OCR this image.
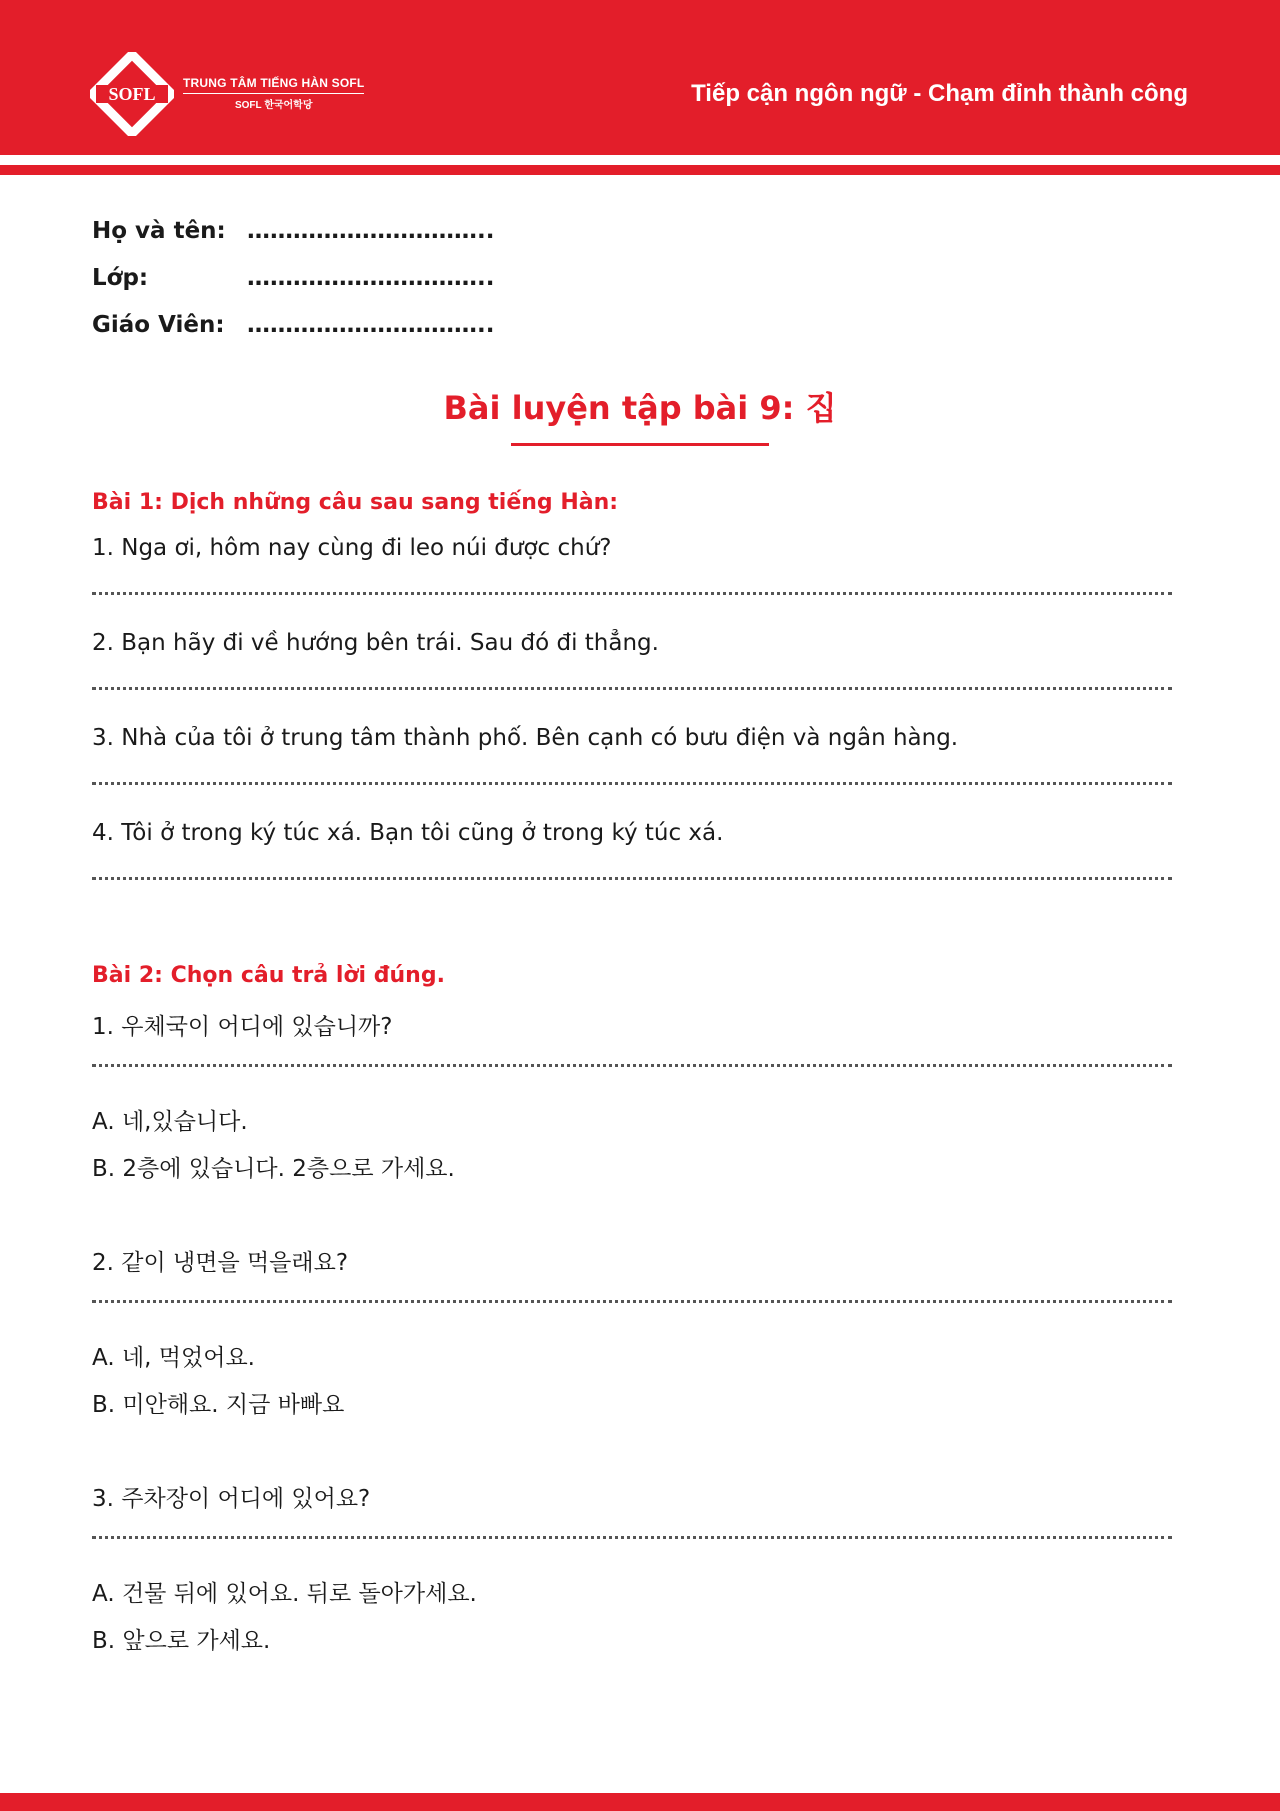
SOFL
TRUNG TÂM TIẾNG HÀN SOFL
SOFL 한국어학당	Tiếp cận ngôn ngữ - Chạm đỉnh thành công
Họ và tên: …………………………..
Lớp:	…………………………..
Giáo Viên: …………………………..
Bài luyện tập bài 9: 집
Bài 1: Dịch những câu sau sang tiếng Hàn:
1. Nga ơi, hôm nay cùng đi leo núi được chứ?
2. Bạn hãy đi về hướng bên trái. Sau đó đi thẳng.
3. Nhà của tôi ở trung tâm thành phố. Bên cạnh có bưu điện và ngân hàng.
4. Tôi ở trong ký túc xá. Bạn tôi cũng ở trong ký túc xá.
Bài 2: Chọn câu trả lời đúng.
1. 우체국이 어디에 있습니까?
A. 네,있습니다.
B. 2층에 있습니다. 2층으로 가세요.
2. 같이 냉면을 먹을래요?
A. 네, 먹었어요.
B. 미안해요. 지금 바빠요
3. 주차장이 어디에 있어요?
A. 건물 뒤에 있어요. 뒤로 돌아가세요.
B. 앞으로 가세요.
